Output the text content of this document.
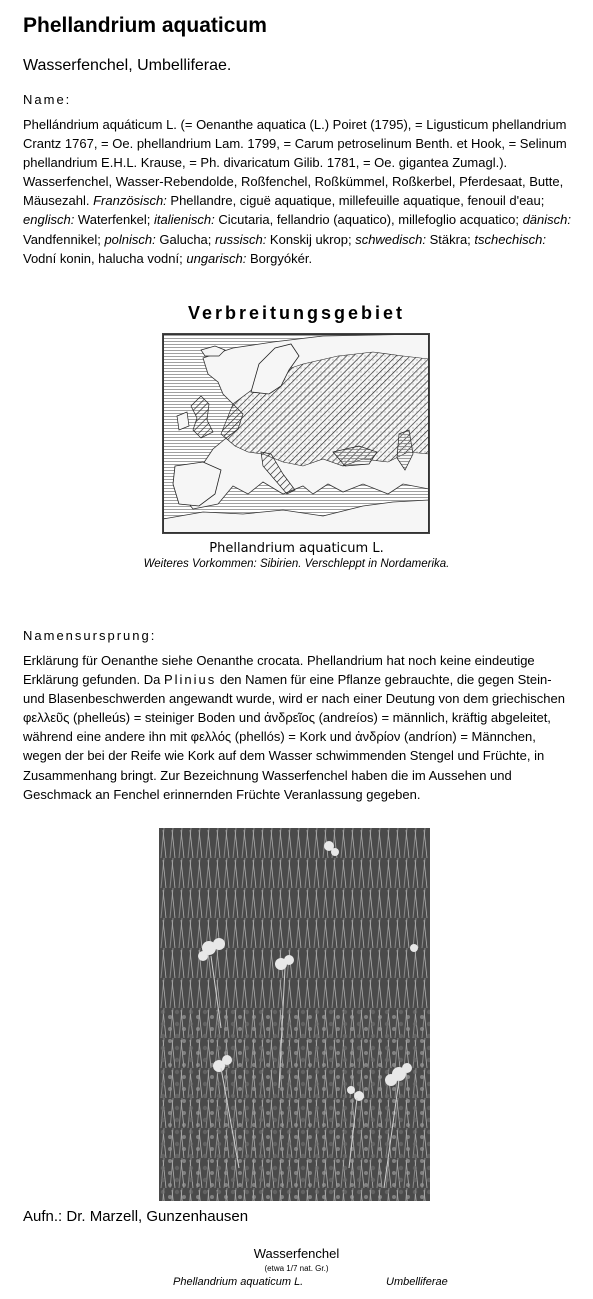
Phellandrium aquaticum
Wasserfenchel, Umbelliferae.
Name:
Phellándrium aquáticum L. (= Oenanthe aquatica (L.) Poiret (1795), = Ligusticum phellandrium Crantz 1767, = Oe. phellandrium Lam. 1799, = Carum petroselinum Benth. et Hook, = Selinum phellandrium E.H.L. Krause, = Ph. divaricatum Gilib. 1781, = Oe. gigantea Zumagl.). Wasserfenchel, Wasser-Rebendolde, Roßfenchel, Roßkümmel, Roßkerbel, Pferdesaat, Butte, Mäusezahl. Französisch: Phellandre, ciguë aquatique, millefeuille aquatique, fenouil d'eau; englisch: Waterfenkel; italienisch: Cicutaria, fellandrio (aquatico), millefoglio acquatico; dänisch: Vandfennikel; polnisch: Galucha; russisch: Konskij ukrop; schwedisch: Stäkra; tschechisch: Vodní konin, halucha vodní; ungarisch: Borgyókér.
Verbreitungsgebiet
Phellandrium aquaticum L.
Weiteres Vorkommen: Sibirien. Verschleppt in Nordamerika.
Namensursprung:
Erklärung für Oenanthe siehe Oenanthe crocata. Phellandrium hat noch keine eindeutige Erklärung gefunden. Da Plinius den Namen für eine Pflanze gebrauchte, die gegen Stein- und Blasenbeschwerden angewandt wurde, wird er nach einer Deutung von dem griechischen φελλεῦς (phelleús) = steiniger Boden und ἀνδρεῖος (andreíos) = männlich, kräftig abgeleitet, während eine andere ihn mit φελλός (phellós) = Kork und ἀνδρίον (andríon) = Männchen, wegen der bei der Reife wie Kork auf dem Wasser schwimmenden Stengel und Früchte, in Zusammenhang bringt. Zur Bezeichnung Wasserfenchel haben die im Aussehen und Geschmack an Fenchel erinnernden Früchte Veranlassung gegeben.
Aufn.: Dr. Marzell, Gunzenhausen
Wasserfenchel
(etwa 1/7 nat. Gr.)
Phellandrium aquaticum L.	Umbelliferae
